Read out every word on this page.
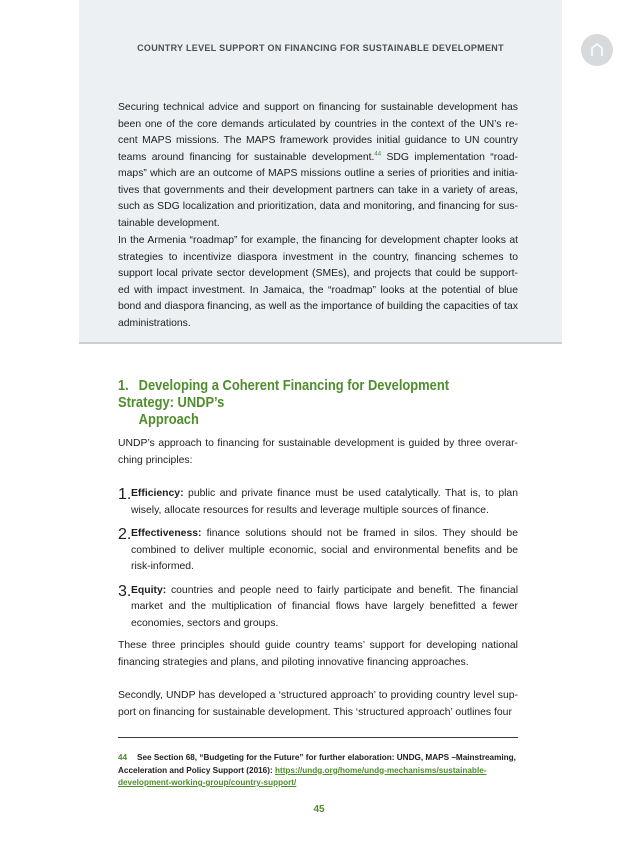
COUNTRY LEVEL SUPPORT ON FINANCING FOR SUSTAINABLE DEVELOPMENT

Securing technical advice and support on financing for sustainable development has been one of the core demands articulated by countries in the context of the UN’s re-cent MAPS missions. The MAPS framework provides initial guidance to UN country teams around financing for sustainable development.$^{44}$ SDG implementation “road-maps” which are an outcome of MAPS missions outline a series of priorities and initia-tives that governments and their development partners can take in a variety of areas, such as SDG localization and prioritization, data and monitoring, and financing for sus-tainable development.

In the Armenia “roadmap” for example, the financing for development chapter looks at strategies to incentivize diaspora investment in the country, financing schemes to support local private sector development (SMEs), and projects that could be support-ed with impact investment. In Jamaica, the “roadmap” looks at the potential of blue bond and diaspora financing, as well as the importance of building the capacities of tax administrations.

1. Developing a Coherent Financing for Development Strategy: UNDP’s
Approach

UNDP’s approach to financing for sustainable development is guided by three overar-ching principles:

1. Efficiency: public and private finance must be used catalytically. That is, to plan wisely, allocate resources for results and leverage multiple sources of finance.

2. Effectiveness: finance solutions should not be framed in silos. They should be combined to deliver multiple economic, social and environmental benefits and be risk-informed.

3. Equity: countries and people need to fairly participate and benefit. The financial market and the multiplication of financial flows have largely benefitted a fewer economies, sectors and groups.

These three principles should guide country teams’ support for developing national financing strategies and plans, and piloting innovative financing approaches.

Secondly, UNDP has developed a ‘structured approach’ to providing country level sup-port on financing for sustainable development. This ‘structured approach’ outlines four

44 See Section 68, “Budgeting for the Future” for further elaboration: UNDG, MAPS –Mainstreaming, Acceleration and Policy Support (2016): https://undg.org/home/undg-mechanisms/sustainable-development-working-group/country-support/
45
